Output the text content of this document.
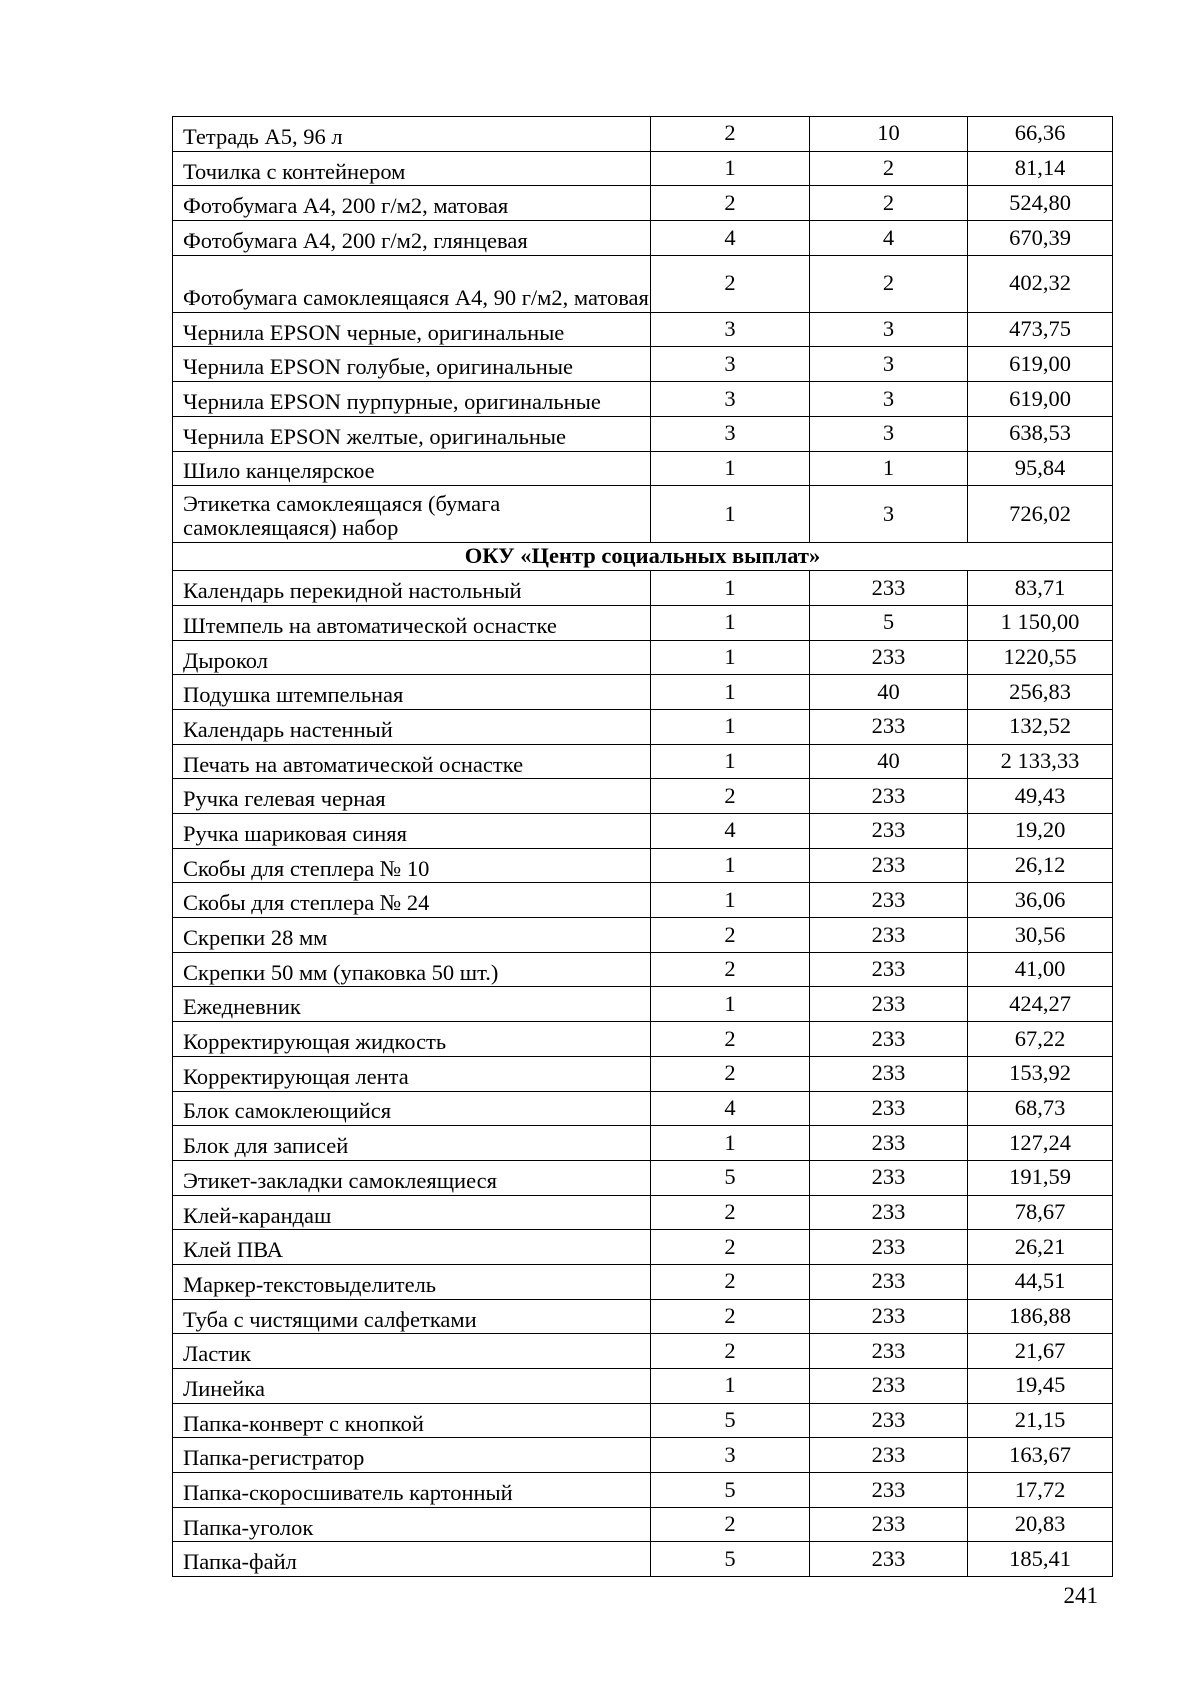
Тетрадь А5, 96 л	2	10	66,36
Точилка с контейнером	1	2	81,14
Фотобумага А4, 200 г/м2, матовая	2	2	524,80
Фотобумага А4, 200 г/м2, глянцевая	4	4	670,39
Фотобумага самоклеящаяся А4, 90 г/м2, матовая	2	2	402,32
Чернила EPSON черные, оригинальные	3	3	473,75
Чернила EPSON голубые, оригинальные	3	3	619,00
Чернила EPSON пурпурные, оригинальные	3	3	619,00
Чернила EPSON желтые, оригинальные	3	3	638,53
Шило канцелярское	1	1	95,84
Этикетка самоклеящаяся (бумага самоклеящаяся) набор	1	3	726,02
ОКУ «Центр социальных выплат»			
Календарь перекидной настольный	1	233	83,71
Штемпель на автоматической оснастке	1	5	1 150,00
Дырокол	1	233	1220,55
Подушка штемпельная	1	40	256,83
Календарь настенный	1	233	132,52
Печать на автоматической оснастке	1	40	2 133,33
Ручка гелевая черная	2	233	49,43
Ручка шариковая синяя	4	233	19,20
Скобы для степлера № 10	1	233	26,12
Скобы для степлера № 24	1	233	36,06
Скрепки 28 мм	2	233	30,56
Скрепки 50 мм (упаковка 50 шт.)	2	233	41,00
Ежедневник	1	233	424,27
Корректирующая жидкость	2	233	67,22
Корректирующая лента	2	233	153,92
Блок самоклеющийся	4	233	68,73
Блок для записей	1	233	127,24
Этикет-закладки самоклеящиеся	5	233	191,59
Клей-карандаш	2	233	78,67
Клей ПВА	2	233	26,21
Маркер-текстовыделитель	2	233	44,51
Туба с чистящими салфетками	2	233	186,88
Ластик	2	233	21,67
Линейка	1	233	19,45
Папка-конверт с кнопкой	5	233	21,15
Папка-регистратор	3	233	163,67
Папка-скоросшиватель картонный	5	233	17,72
Папка-уголок	2	233	20,83
Папка-файл	5	233	185,41
241
